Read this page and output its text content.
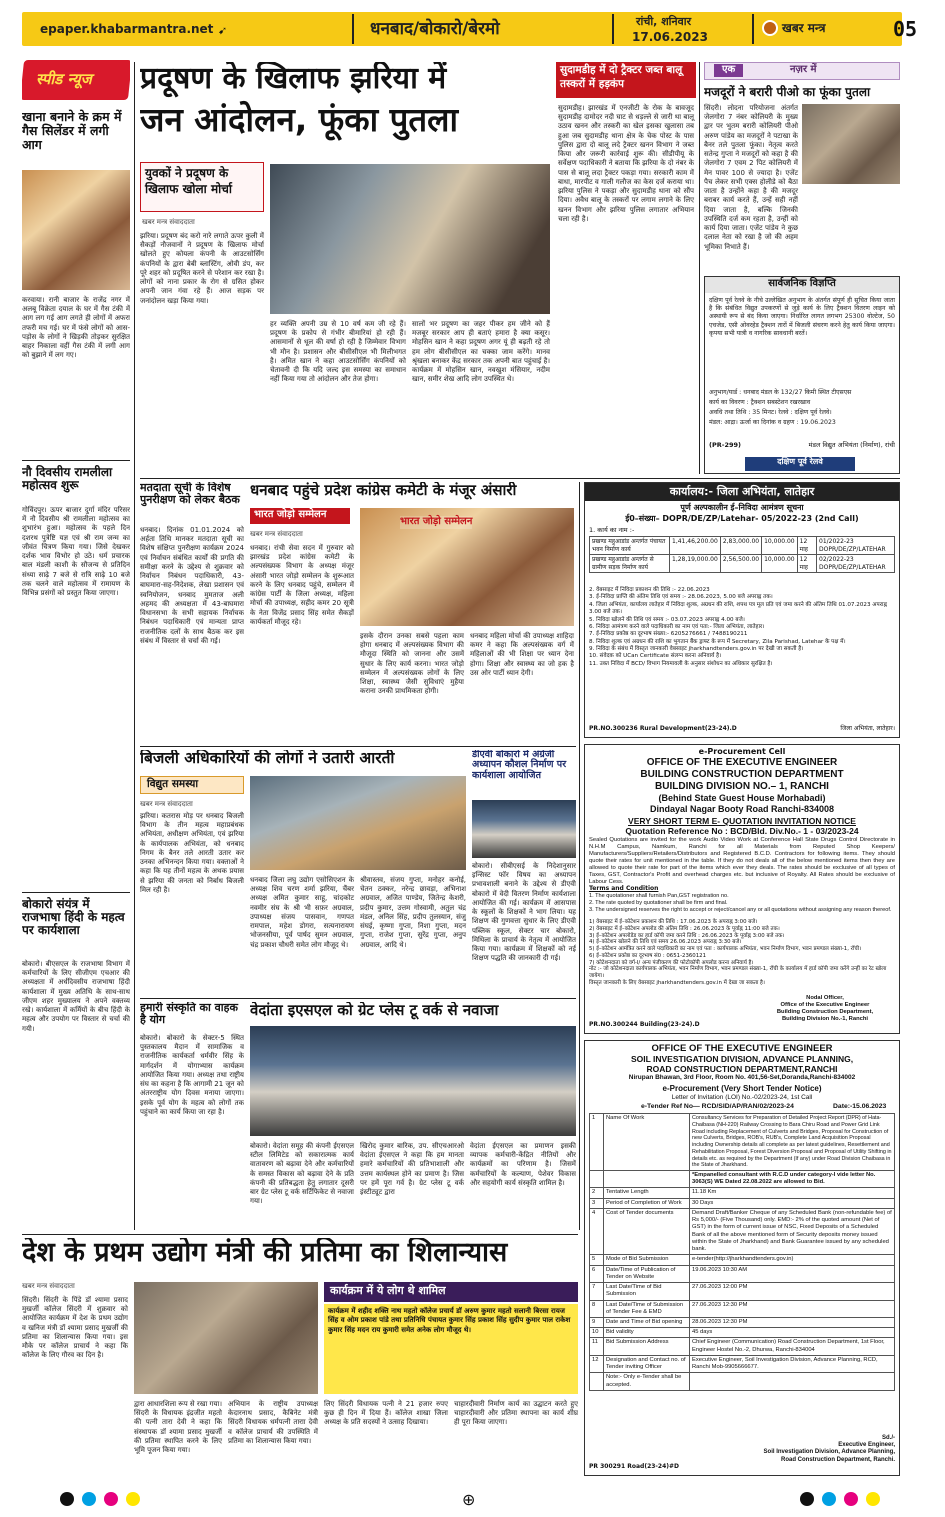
epaper.khabarmantra.net ➹	धनबाद/बोकारो/बेरमो	रांची, शनिवार
17.06.2023
खबर मन्त्र	05
स्पीड न्यूज
खाना बनाने के क्रम में गैस सिलेंडर में लगी आग
करवाया। रानी बाजार के राजेंद्र नगर में अलबू विक्रेता दयाल के घर में गैस टंकी में आग लग गई आग लगते ही लोगों में अफरा तफरी मच गई। घर में फंसे लोगों को आस-पड़ोस के लोगों ने खिड़की तोड़कर सुरक्षित बाहर निकाला वहीं गैस टंकी में लगी आग को बुझाने में लग गए।
नौ दिवसीय रामलीला महोत्सव शुरू
गोविंदपुर। ऊपर बाजार दुर्गा मंदिर परिसर में नौ दिवसीय श्री रामलीला महोत्सव का शुभारंभ हुआ। महोत्सव के पहले दिन दशरथ पुत्रेष्टि यज्ञ एवं श्री राम जन्म का जीवंत चित्रण किया गया। जिसे देखकर दर्शक भाव विभोर हो उठे। धर्म प्रचारक बाल मंडली काशी के सौजन्य से प्रतिदिन संध्या साढ़े 7 बजे से रात्रि साढ़े 10 बजे तक चलने वाले महोत्सव में रामायण के विभिन्न प्रसंगों को प्रस्तुत किया जाएगा।
बोकारो संयंत्र में राजभाषा हिंदी के महत्व पर कार्यशाला
बोकारो। बीएसएल के राजभाषा विभाग में कर्मचारियों के लिए सीजीएम एचआर की अध्यक्षता में अर्धदिवसीय राजभाषा हिंदी कार्यशाला में मुख्य अतिथि के साथ-साथ जीएम शहर मुख्यालय ने अपने वक्तव्य रखे। कार्यशाला में कर्मियों के बीच हिंदी के महत्व और उपयोग पर विस्तार से चर्चा की गयी।
प्रदूषण के खिलाफ झरिया में
जन आंदोलन, फूंका पुतला
युवकों ने प्रदूषण के खिलाफ खोला मोर्चा
खबर मन्त्र संवाददाता
झरिया। प्रदूषण बंद करो नारे लगाते ऊपर कुली में सैकड़ों नौजवानों ने प्रदूषण के खिलाफ मोर्चा खोलते हुए कोयला कंपनी के आउटसोर्सिंग कंपनियों के द्वारा बेबी ब्लास्टिंग, ओवी डंप, कर पूरे शहर को प्रदूषित करने से परेशान कर रखा है। लोगों को नाना प्रकार के रोग से ग्रसित होकर अपनी जान गंवा रहे हैं। आज सड़क पर जनांदोलन खड़ा किया गया।
हर व्यक्ति अपनी उम्र से 10 वर्ष कम जी रहे हैं। प्रदूषण के प्रकोप से गंभीर बीमारियां हो रही हैं। आसमानों से धूल की वर्षा हो रही है जिम्मेवार विभाग भी मौन है। प्रशासन और बीसीसीएल भी मिलीभगत है। अमित खान ने कहा आउटसोर्सिंग कंपनियों को चेतावनी दी कि यदि जल्द इस समस्या का समाधान नहीं किया गया तो आंदोलन और तेज होगा।
सालों भर प्रदूषण का जहर पीकर हम जीने को हैं मजबूर सरकार आप ही बताएं हमारा है क्या कसूर। मोहसिन खान ने कहा प्रदूषण अगर यूं ही बढ़ती रहे तो हम लोग बीसीसीएल का चक्का जाम करेंगे। मानव श्रृंखला बनाकर केंद्र सरकार तक अपनी बात पहुंचाई है। कार्यक्रम में मोहसिन खान, नवखुश मंसियार, नदीम खान, समीर शेख आदि लोग उपस्थित थे।
सुदामडीह में दो ट्रैक्टर जब्त बालू तस्करों में हड़कंप
सुदामडीह। झारखंड में एनजीटी के रोक के बावजूद सुदामडीह दामोदर नदी घाट से धड़ल्ले से जारी था बालू उठाव खनन और तस्करी का खेल इसका खुलासा तब हुआ जब सुदामडीह थाना क्षेत्र के चेक पोस्ट के पास पुलिस द्वारा दो बालू लदे ट्रैक्टर खनन विभाग ने जब्त किया और जरूरी कार्रवाई शुरू की। सीडीपीयू के सर्वेक्षण पदाधिकारी ने बताया कि झरिया के दो नंबर के पास से बालू लदा ट्रैक्टर पकड़ा गया। सरकारी काम में बाधा, मारपीट व गाली गलौज का केस दर्ज कराया था। झरिया पुलिस ने पकड़ा और सुदामडीह थाना को सौंप दिया। अवैध बालू के तस्करों पर लगाम लगाने के लिए खनन विभाग और झरिया पुलिस लगातार अभियान चला रही है।
एक	नज़र में
मजदूरों ने बरारी पीओ का फूंका पुतला
सिंदरी। लोदना परियोजना अंतर्गत जेलगोरा 7 नंबर कोलियरी के मुख्य द्वार पर भुतम बरारी कोलियरी पीओ अरुण पांडेय का मजदूरों ने पटाखा के बैनर तले पुतला फूंका। नेतृत्व करते सतेन्द्र गुप्ता ने मजदूरों को कहा है की जेलगोरा 7 एवम 2 पिट कोलियरी में मेन पावर 100 से ज्यादा है। एजेंट पैच लेकर सभी एक्स होलीडे को बैठा जाता है उन्होंने कहा है की मजदूर बराबर कार्य करते हैं, उन्हें सही नहीं दिया जाता है, बल्कि जिनकी उपस्थिति दर्ज कम रहता है, उन्हीं को कार्य दिया जाता। एजेंट पांडेय ने कुछ दलाल नेता को रखा है जो की अहम भूमिका निभाते हैं।
सार्वजनिक विज्ञप्ति
दक्षिण पूर्व रेलवे के नीचे उल्लेखित अनुभाग के अंतर्गत संपूर्ण ही सूचित किया जाता है कि संबंधित विद्युत उपकरणों से जुड़े कार्य के लिए ट्रैक्शन वितरण लाइन को अस्थायी रूप से बंद किया जाएगा। निर्धारित लागत लगभग 25300 वोल्टेज, 50 एचजेड, एसी ओवरहेड ट्रैक्शन तारों में बिजली संचरण करने हेतु कार्य किया जाएगा। कृपया सभी यात्री व नागरिक सावधानी बरतें।
अनुभाग/यार्ड : धनबाद मंडल के 132/27 किमी स्थित टीएसएस
कार्य का विवरण : ट्रैक्शन सबस्टेशन रखरखाव
अवधि तथा तिथि : 35 मिनट। रेलवे : दक्षिण पूर्व रेलवे।
मंडल: आद्रा। ऊर्जा का दिनांक व ग्रहण : 19.06.2023
(PR-299)	मंडल विद्युत अभियंता (निर्माण), रांची
दक्षिण पूर्व रेलवे
मतदाता सूची के विशेष पुनरीक्षण को लेकर बैठक
धनबाद। दिनांक 01.01.2024 को अर्हता तिथि मानकर मतदाता सूची का विशेष संक्षिप्त पुनरीक्षण कार्यक्रम 2024 एवं निर्वाचन संबंधित कार्यों की प्रगति की समीक्षा करने के उद्देश्य से शुक्रवार को निर्वाचन निबंधन पदाधिकारी, 43-बाघमारा-सह-निदेशक, लेखा प्रशासन एवं स्वनियोजन, धनबाद मुमताज अली अहमद की अध्यक्षता में 43-बाघमारा विधानसभा के सभी सहायक निर्वाचक निबंधन पदाधिकारी एवं मान्यता प्राप्त राजनीतिक दलों के साथ बैठक कर इस संबंध में विस्तार से चर्चा की गई।
धनबाद पहुंचे प्रदेश कांग्रेस कमेटी के मंजूर अंसारी
भारत जोड़ो सम्मेलन
खबर मन्त्र संवाददाता
धनबाद। रांची सेवा सदन में गुरुवार को झारखंड प्रदेश कांग्रेस कमेटी के अल्पसंख्यक विभाग के अध्यक्ष मंजूर अंसारी भारत जोड़ो सम्मेलन के शुरूआत करने के लिए धनबाद पहुंचे, सम्मेलन में कांग्रेस पार्टी के जिला अध्यक्ष, महिला मोर्चा की उपाध्यक्ष, सहीद कमर 20 सूत्री के नेता विजेंद्र प्रसाद सिंह समेत सैकड़ों कार्यकर्ता मौजूद रहे।
भारत जोड़ो सम्मेलन
इसके दौरान उनका सबसे पहला काम होगा धनबाद में अल्पसंख्यक विभाग की मौजूदा स्थिति को जानना और उसमें सुधार के लिए कार्य करना। भारत जोड़ो सम्मेलन में अल्पसंख्यक लोगों के लिए शिक्षा, स्वास्थ्य जैसी सुविधाएं मुहैया कराना उनकी प्राथमिकता होगी।
धनबाद महिला मोर्चा की उपाध्यक्ष शाहिदा कमर ने कहा कि अल्पसंख्यक वर्ग में महिलाओं की भी शिक्षा पर ध्यान देना होगा। शिक्षा और स्वास्थ्य का जो हक है उस ओर पार्टी ध्यान देगी।
कार्यालय:- जिला अभियंता, लातेहार
पूर्ण अल्पकालीन ई–निविदा आमंत्रण सूचना
ई0–संख्या– DOPR/DE/ZP/Latehar- 05/2022-23 (2nd Call)
1. कार्य का नाम :-
प्रखण्ड महुआडांड अन्तर्गत पंचायत भवन निर्माण कार्य	1,41,46,200.00	2,83,000.00	10,000.00	12 माह	01/2022-23 DOPR/DE/ZP/LATEHAR
प्रखण्ड महुआडांड अन्तर्गत से ग्रामीण सड़क निर्माण कार्य	1,28,19,000.00	2,56,500.00	10,000.00	12 माह	02/2022-23 DOPR/DE/ZP/LATEHAR
2. वेबसाइट में निविदा प्रकाशन की तिथि :- 22.06.2023
3. ई-निविदा प्राप्ति की अंतिम तिथि एवं समय :- 28.06.2023, 5.00 बजे अपराह्न तक।
4. जिला अभियंता, कार्यालय लातेहार में निविदा शुल्क, अग्रधन की राशि, शपथ पत्र मूल प्रति एवं जमा करने की अंतिम तिथि 01.07.2023 अपराह्न 3.00 बजे तक।
5. निविदा खोलने की तिथि एवं समय :- 03.07.2023 अपराह्न 4.00 बजे।
6. निविदा आमंत्रण करने वाले पदाधिकारी का नाम एवं पता:- जिला अभियंता, लातेहार।
7. ई-निविदा प्रकोष्ठ का दूरभाष संख्या:- 6205276661 / 7488190211
8. निविदा शुल्क एवं अग्रधन की राशि का भुगतान बैंक ड्राफ्ट के रूप में Secretary, Zila Parishad, Latehar के पक्ष में।
9. निविदा के संबंध में विस्तृत जानकारी वेबसाइट jharkhandtenders.gov.in पर देखी जा सकती है।
10. संवेदक को UCan Certificate संलग्न करना अनिवार्य है।
11. उक्त निविदा में BCD/ विभाग नियमावली के अनुसार संशोधन का अधिकार सुरक्षित है।
PR.NO.300236 Rural Development(23-24).D	जिला अभियंता, लातेहार।
बिजली अधिकारियों की लोगों ने उतारी आरती
विद्युत समस्या
खबर मन्त्र संवाददाता
झरिया। कतरास मोड़ पर धनबाद बिजली विभाग के तीन महत्व महाप्रबंधक अभियंता, अधीक्षण अभियंता, एवं झरिया के कार्यपालक अभियंता, को धनबाद निगम के बैनर तले आरती उतार कर उनका अभिनन्दन किया गया। वक्ताओं ने कहा कि यह तीनों महत्व के अथक प्रयास से झरिया की जनता को निर्बाध बिजली मिल रही है।
धनबाद जिला लघु उद्योग एसोसिएशन के अध्यक्ष शिव चरण शर्मा झरिया, चैंबर अध्यक्ष अमित कुमार साहू, चांदकोट नवमीर संघ के श्री भी सफ़र अग्रवाल, उपाध्यक्ष संजय पासवान, गणपत रामपाल, महेश डोगरा, सत्यनारायण भोजनसीया, पूर्व पार्षद सुमन अग्रवाल, चंद्र प्रकाश चौधरी समेत लोग मौजूद थे।
श्रीवास्तव, संजय गुप्ता, मनोहर कनोई, चेतन ठक्कर, नरेन्द्र छावड़ा, अभिनाश अग्रवाल, अजित पाण्डेय, जितेन्द्र केशरी, प्रदीप कुमार, उत्तम गोस्वामी, अतुल चंद्र मंडल, अनिल सिंह, प्रदीप तुलस्यान, संजु संघई, कृष्णा गुप्ता, निशा गुप्ता, मदन गुप्ता, राजेश गुप्ता, सुरेंद्र गुप्ता, अनुप अग्रवाल, आदि थे।
डीएवी बोकारो में अंग्रेजी अध्यापन कौशल निर्माण पर कार्यशाला आयोजित
बोकारो। सीबीएसई के निदेशानुसार इन्सिस्ट फॉर विषय का अध्यापन प्रभावशाली बनाने के उद्देश्य से डीएवी बोकारो में वेदी वितरण निर्माण कार्यशाला आयोजित की गई। कार्यक्रम में आसपास के स्कूलों के शिक्षकों ने भाग लिया। यह शिक्षण की गुणवत्ता सुधार के लिए डीएवी पब्लिक स्कूल, सेक्टर चार बोकारो, मिथिला के प्राचार्य के नेतृत्व में आयोजित किया गया। कार्यक्रम में शिक्षकों को नई शिक्षण पद्धति की जानकारी दी गई।
e-Procurement Cell
OFFICE OF THE EXECUTIVE ENGINEER
BUILDING CONSTRUCTION DEPARTMENT
BUILDING DIVISION NO.– 1, RANCHI
(Behind State Guest House Morhabadi)
Dindayal Nagar Booty Road Ranchi-834008
VERY SHORT TERM E- QUOTATION INVITATION NOTICE
Quotation Reference No : BCD/Bld. Div.No.- 1 - 03/2023-24
Sealed Quotations are invited for the work Audio Video Work at Conference Hall State Drugs Control Directorate in N.H.M Campus, Namkum, Ranchi for all Materials from Reputed Shop Keepers/ Manufacturers/Suppliers/Retailers/Distributors and Registered B.C.D. Contractors for following items. They should quote their rates for unit mentioned in the table. If they do not deals all of the below mentioned items then they are allowed to quote their rate for part of the items which ever they deals. The rates should be exclusive of all types of Taxes, GST, Contractor's Profit and overhead charges etc. but inclusive of Royalty. All Rates should be exclusive of Labour Cess.
Terms and Condition
1. The quotationer shall furnish Pan,GST registration no.
2. The rate quoted by quotationer shall be firm and final.
3. The undersigned reserves the right to accept or reject/cancel any or all quotations without assigning any reason thereof.
1) वेबसाइट में ई–कोटेशन प्रकाशन की तिथि : 17.06.2023 के अपराह्न 3:00 बजे।
2) वेबसाइट में ई–कोटेशन अपलोड की अंतिम तिथि : 26.06.2023 के पूर्वाह्न 11:00 बजे तक।
3) ई–कोटेशन अपलोडेड का हार्ड कॉपी जमा करने तिथि : 26.06.2023 के पूर्वाह्न 3:00 बजे तक।
4) ई–कोटेशन खोलने की तिथि एवं समय 26.06.2023 अपराह्न 3:30 बजे।
5) ई–कोटेशन आमंत्रित करने वाले पदाधिकारी का नाम एवं पता : कार्यपालक अभियंता, भवन निर्माण विभाग, भवन प्रमण्डल संख्या-1, राँची।
6) ई–कोटेशन प्रकोष्ठ का दूरभाष सं0 : 0651-2360121
7) कोटेशनदाता को वर्ग-I/ अन्य पंजीकरण की फोटोकॉपी अपलोड करना अनिवार्य है।
नोट :- जो कोटेशनदाता कार्यपालक अभियंता, भवन निर्माण विभाग, भवन प्रमण्डल संख्या-1, राँची के कार्यालय में हार्ड कॉपी जमा करेंगे उन्हीं का रेट खोला जायेगा।
विस्तृत जानकारी के लिए वेबसाइट jharkhandtenders.gov.in में देखा जा सकता है।
Nodal Officer,
Office of the Executive Engineer
Building Construction Department,
Building Division No.-1, Ranchi
PR.NO.300244 Building(23-24).D
हमारी संस्कृति का वाहक है योग
बोकारो। बोकारो के सेक्टर-5 स्थित पुस्तकालय मैदान में सामाजिक व राजनीतिक कार्यकर्ता धर्मवीर सिंह के मार्गदर्शन में योगाभ्यास कार्यक्रम आयोजित किया गया। अध्यक्ष तथा राष्ट्रीय संघ का कहना है कि आगामी 21 जून को अंतरराष्ट्रीय योग दिवस मनाया जाएगा। इसके पूर्व योग के महत्व को लोगों तक पहुंचाने का कार्य किया जा रहा है।
वेदांता इएसएल को ग्रेट प्लेस टू वर्क से नवाजा
बोकारो। वेदांता समूह की कंपनी ईएसएल स्टील लिमिटेड को सकारात्मक कार्य वातावरण को बढ़ावा देने और कर्मचारियों के समस्त विकास को बढ़ावा देने के प्रति कंपनी की प्रतिबद्धता हेतु लगातार दूसरी बार ग्रेट प्लेस टू वर्क सर्टिफिकेट से नवाजा गया।
खिरोद कुमार बारिक, उप. सीएचआरओ वेदांता ईएसएल ने कहा कि हम मानता हमारे कर्मचारियों की प्रतिभाशाली और उत्तम कार्यस्थल होने का प्रमाण है। जिस पर हमें पूरा गर्व है। ग्रेट प्लेस टू वर्क इंस्टीट्यूट द्वारा
वेदांता ईएसएल का प्रमाणन इसकी व्यापक कर्मचारी-केंद्रित नीतियों और कार्यक्रमों का परिणाम है। जिसमें कर्मचारियों के कल्याण, पेशेवर विकास और सहयोगी कार्य संस्कृति शामिल है।
OFFICE OF THE EXECUTIVE ENGINEER
SOIL INVESTIGATION DIVISION, ADVANCE PLANNING,
ROAD CONSTRUCTION DEPARTMENT,RANCHI
Nirupan Bhawan, 3rd Floor, Room No. 401,56-Set,Doranda,Ranchi-834002
e-Procurement (Very Short Tender Notice)
Letter of Invitation (LOI) No.-02/2023-24, 1st Call
e-Tender Ref No— RCD/SID/AP/RAN/02/2023-24	Date:-15.06.2023
1	Name Of Work	Consultancy Services for Preparation of Detailed Project Report (DPR) of Hata- Chaibasa (NH-220) Railway Crossing to Bara Chiru Road and Power Grid Link Road including Replacement of Culverts and Bridges, Proposal for Construction of new Culverts, Bridges, ROB's, RUB's, Complete Land Acquisition Proposal including Ownership details all complete as per latest guidelines, Resettlement and Rehabilitation Proposal, Forest Diversion Proposal and Proposal of Utility Shifting in details etc. as required by the Department (If any) under Road Division Chaibasa in the State of Jharkhand.
		*Empanelled consultant with R.C.D under category-I vide letter No. 3063(S) WE Dated 22.08.2022 are allowed to Bid.
2	Tentative Length	11.18 Km
3	Period of Completion of Work	30 Days
4	Cost of Tender documents	Demand Draft/Banker Cheque of any Scheduled Bank (non-refundable fee) of Rs 5,000/- (Five Thousand) only. EMD:- 2% of the quoted amount (Net of GST) in the form of current issue of NSC, Fixed Deposits of a Scheduled Bank of all the above mentioned form of Security deposits money issued within the State of Jharkhand) and Bank Guarantee issued by any scheduled bank.
5	Mode of Bid Submission	e-tender(http://jharkhandtenders.gov.in)
6	Date/Time of Publication of Tender on Website	19.06.2023 10:30 AM
7	Last Date/Time of Bid Submission	27.06.2023 12:00 PM
8	Last Date/Time of Submission of Tender Fee & EMD	27.06.2023 12:30 PM
9	Date and Time of Bid opening	28.06.2023 12:30 PM
10	Bid validity	45 days
11	Bid Submission Address	Chief Engineer (Communication) Road Construction Department, 1st Floor, Engineer Hostel No.-2, Dhurwa, Ranchi-834004
12	Designation and Contact no. of Tender inviting Officer	Executive Engineer, Soil Investigation Division, Advance Planning, RCD, Ranchi Mob-9905666677.
	Note:- Only e-Tender shall be accepted.	
Sd./-
Executive Engineer,
Soil Investigation Division, Advance Planning,
Road Construction Department, Ranchi.
PR 300291 Road(23-24)#D
देश के प्रथम उद्योग मंत्री की प्रतिमा का शिलान्यास
खबर मन्त्र संवाददाता
सिंदरी। सिंदरी के पिंडे डॉ श्यामा प्रसाद मुखर्जी कॉलेज सिंदरी में शुक्रवार को आयोजित कार्यक्रम में देश के प्रथम उद्योग व खनिज मंत्री डॉ श्यामा प्रसाद मुखर्जी की प्रतिमा का शिलान्यास किया गया। इस मौके पर कॉलेज प्राचार्य ने कहा कि कॉलेज के लिए गौरव का दिन है।
कार्यक्रम में ये लोग थे शामिल
कार्यक्रम में शहीद शक्ति नाथ महतो कॉलेज प्रचार्य डॉ अरुण कुमार महतो सलानी बिरसा रायज सिंह व ओम प्रकाश पांडे तथा प्रतिनिधि पंचायत कुमार सिंह प्रकाश सिंह सुदीप कुमार पाल राकेश कुमार सिंह मदन राय कुमारी समेत अनेक लोग मौजूद थे।
द्वारा आधारशिला रूप से रखा गया। सिंदरी के विधायक इंद्रजीत महतो की पत्नी तारा देवी ने कहा कि संस्थापक डॉ श्यामा प्रसाद मुखर्जी की प्रतिमा स्थापित करने के लिए भूमि पूजन किया गया।
अभियान के राष्ट्रीय उपाध्यक्ष केदारनाथ प्रसाद, कैबिनेट मंत्री सिंदरी विधायक धर्मपत्नी ताराा देवी व कॉलेज प्राचार्य की उपस्थिति में प्रतिमा का शिलान्यास किया गया।
लिए सिंदरी विधायक पत्नी ने 21 हजार रुपए कुछ ही दिन में दिया हैं। कॉलेज शाखा जिला अध्यक्ष के प्रति सदस्यों ने उत्साह दिखाया।
चाहारदीवारी निर्माण कार्य का उद्घाटन करते हुए चाहारदीवारी और प्रतिमा स्थापना का कार्य शीघ्र ही पूरा किया जाएगा।
⊕
